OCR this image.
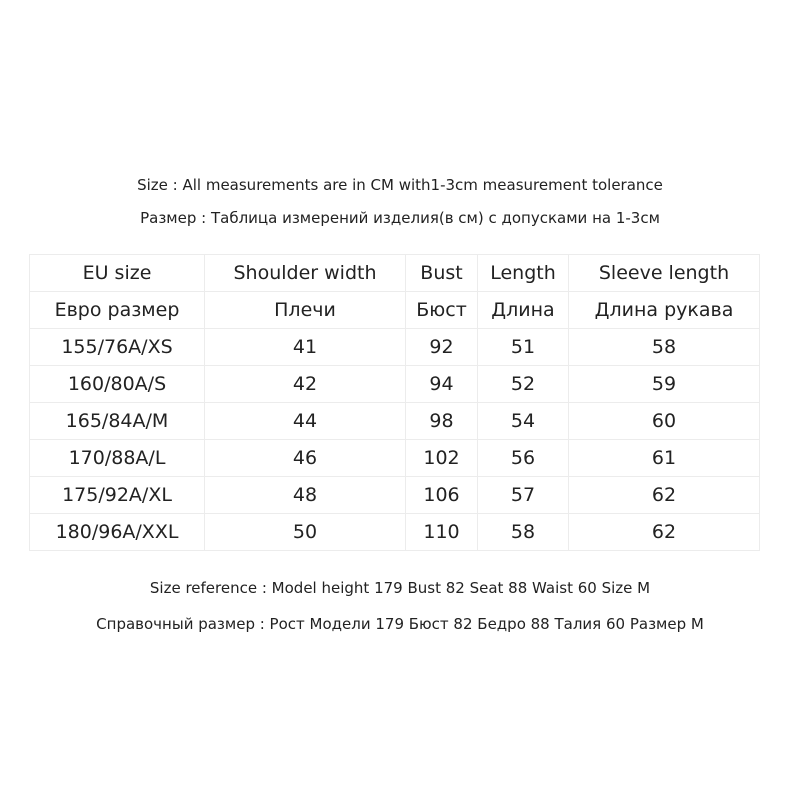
Size : All measurements are in CM with1-3cm measurement tolerance
Размер : Таблица измерений изделия(в см) с допусками на 1-3см
EU size	Shoulder width	Bust	Length	Sleeve length
Евро размер	Плечи	Бюст	Длина	Длина рукава
155/76A/XS	41	92	51	58
160/80A/S	42	94	52	59
165/84A/M	44	98	54	60
170/88A/L	46	102	56	61
175/92A/XL	48	106	57	62
180/96A/XXL	50	110	58	62
Size reference : Model height 179 Bust 82 Seat 88 Waist 60 Size M
Справочный размер : Рост Модели 179 Бюст 82 Бедро 88 Талия 60 Размер M
